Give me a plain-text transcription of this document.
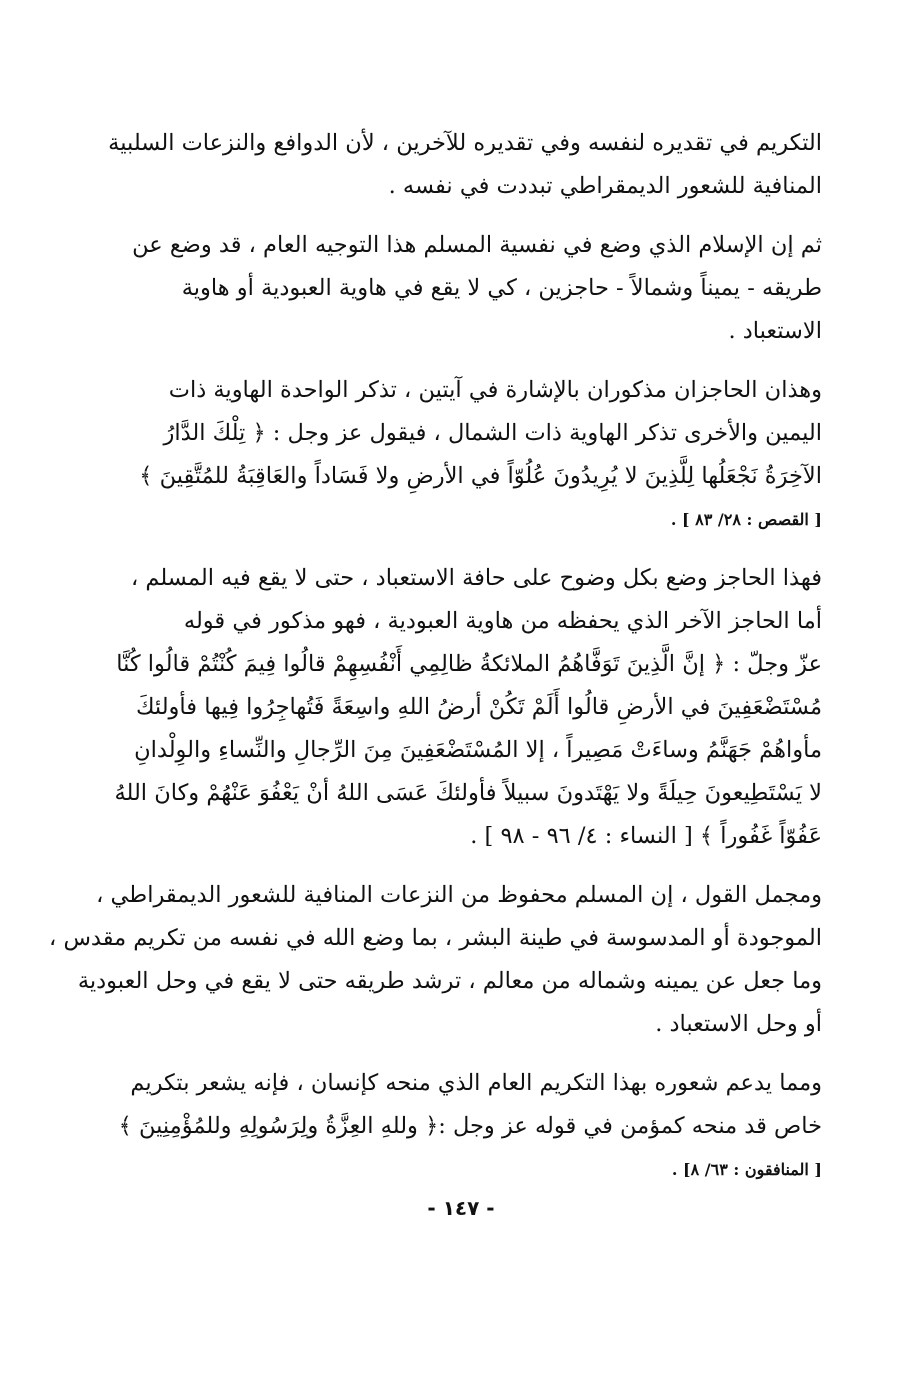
التكريم في تقديره لنفسه وفي تقديره للآخرين ، لأن الدوافع والنزعات السلبية
المنافية للشعور الديمقراطي تبددت في نفسه .

ثم إن الإسلام الذي وضع في نفسية المسلم هذا التوجيه العام ، قد وضع عن
طريقه - يميناً وشمالاً - حاجزين ، كي لا يقع في هاوية العبودية أو هاوية
الاستعباد .

وهذان الحاجزان مذكوران بالإشارة في آيتين ، تذكر الواحدة الهاوية ذات
اليمين والأخرى تذكر الهاوية ذات الشمال ، فيقول عز وجل : ﴿ تِلْكَ الدَّارُ
الآخِرَةُ نَجْعَلُها لِلَّذِينَ لا يُرِيدُونَ عُلُوّاً في الأرضِ ولا فَسَاداً والعَاقِبَةُ للمُتَّقِينَ ﴾
[ القصص : ٢٨/ ٨٣ ] .

فهذا الحاجز وضع بكل وضوح على حافة الاستعباد ، حتى لا يقع فيه المسلم ،
أما الحاجز الآخر الذي يحفظه من هاوية العبودية ، فهو مذكور في قوله
عزّ وجلّ : ﴿ إنَّ الَّذِينَ تَوَفَّاهُمُ الملائكةُ ظالِمِي أَنْفُسِهِمْ قالُوا فِيمَ كُنْتُمْ قالُوا كُنَّا
مُسْتَضْعَفِينَ في الأرضِ قالُوا أَلَمْ تَكُنْ أرضُ اللهِ واسِعَةً فَتُهاجِرُوا فِيها فأولئكَ
مأواهُمْ جَهَنَّمُ وساءَتْ مَصِيراً ، إلا المُسْتَضْعَفِينَ مِنَ الرِّجالِ والنِّساءِ والوِلْدانِ
لا يَسْتَطِيعونَ حِيلَةً ولا يَهْتَدونَ سبيلاً فأولئكَ عَسَى اللهُ أنْ يَعْفُوَ عَنْهُمْ وكانَ اللهُ
عَفُوّاً غَفُوراً ﴾ [ النساء : ٤/ ٩٦ - ٩٨ ] .

ومجمل القول ، إن المسلم محفوظ من النزعات المنافية للشعور الديمقراطي ،
الموجودة أو المدسوسة في طينة البشر ، بما وضع الله في نفسه من تكريم مقدس ،
وما جعل عن يمينه وشماله من معالم ، ترشد طريقه حتى لا يقع في وحل العبودية
أو وحل الاستعباد .

ومما يدعم شعوره بهذا التكريم العام الذي منحه كإنسان ، فإنه يشعر بتكريم
خاص قد منحه كمؤمن في قوله عز وجل :﴿ وللهِ العِزَّةُ ولِرَسُولِهِ وللمُؤْمِنِينَ ﴾
[ المنافقون : ٦٣/ ٨] .

- ١٤٧ -
